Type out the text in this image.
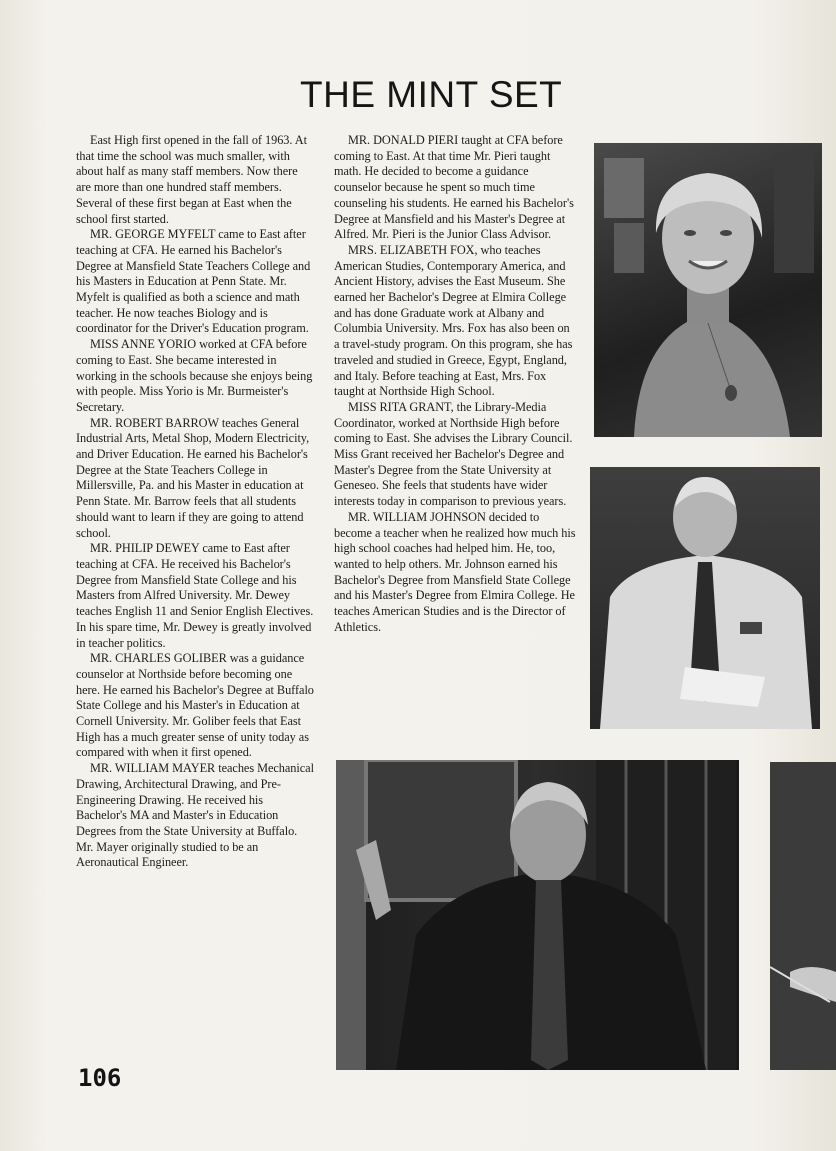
THE MINT SET

East High first opened in the fall of 1963. At that time the school was much smaller, with about half as many staff members. Now there are more than one hundred staff members. Several of these first began at East when the school first started.

MR. GEORGE MYFELT came to East after teaching at CFA. He earned his Bachelor's Degree at Mansfield State Teachers College and his Masters in Education at Penn State. Mr. Myfelt is qualified as both a science and math teacher. He now teaches Biology and is coordinator for the Driver's Education program.

MISS ANNE YORIO worked at CFA before coming to East. She became interested in working in the schools because she enjoys being with people. Miss Yorio is Mr. Burmeister's Secretary.

MR. ROBERT BARROW teaches General Industrial Arts, Metal Shop, Modern Electricity, and Driver Education. He earned his Bachelor's Degree at the State Teachers College in Millersville, Pa. and his Master in education at Penn State. Mr. Barrow feels that all students should want to learn if they are going to attend school.

MR. PHILIP DEWEY came to East after teaching at CFA. He received his Bachelor's Degree from Mansfield State College and his Masters from Alfred University. Mr. Dewey teaches English 11 and Senior English Electives. In his spare time, Mr. Dewey is greatly involved in teacher politics.

MR. CHARLES GOLIBER was a guidance counselor at Northside before becoming one here. He earned his Bachelor's Degree at Buffalo State College and his Master's in Education at Cornell University. Mr. Goliber feels that East High has a much greater sense of unity today as compared with when it first opened.

MR. WILLIAM MAYER teaches Mechanical Drawing, Architectural Drawing, and Pre-Engineering Drawing. He received his Bachelor's MA and Master's in Education Degrees from the State University at Buffalo. Mr. Mayer originally studied to be an Aeronautical Engineer.

MR. DONALD PIERI taught at CFA before coming to East. At that time Mr. Pieri taught math. He decided to become a guidance counselor because he spent so much time counseling his students. He earned his Bachelor's Degree at Mansfield and his Master's Degree at Alfred. Mr. Pieri is the Junior Class Advisor.

MRS. ELIZABETH FOX, who teaches American Studies, Contemporary America, and Ancient History, advises the East Museum. She earned her Bachelor's Degree at Elmira College and has done Graduate work at Albany and Columbia University. Mrs. Fox has also been on a travel-study program. On this program, she has traveled and studied in Greece, Egypt, England, and Italy. Before teaching at East, Mrs. Fox taught at Northside High School.

MISS RITA GRANT, the Library-Media Coordinator, worked at Northside High before coming to East. She advises the Library Council. Miss Grant received her Bachelor's Degree and Master's Degree from the State University at Geneseo. She feels that students have wider interests today in comparison to previous years.

MR. WILLIAM JOHNSON decided to become a teacher when he realized how much his high school coaches had helped him. He, too, wanted to help others. Mr. Johnson earned his Bachelor's Degree from Mansfield State College and his Master's Degree from Elmira College. He teaches American Studies and is the Director of Athletics.

106
